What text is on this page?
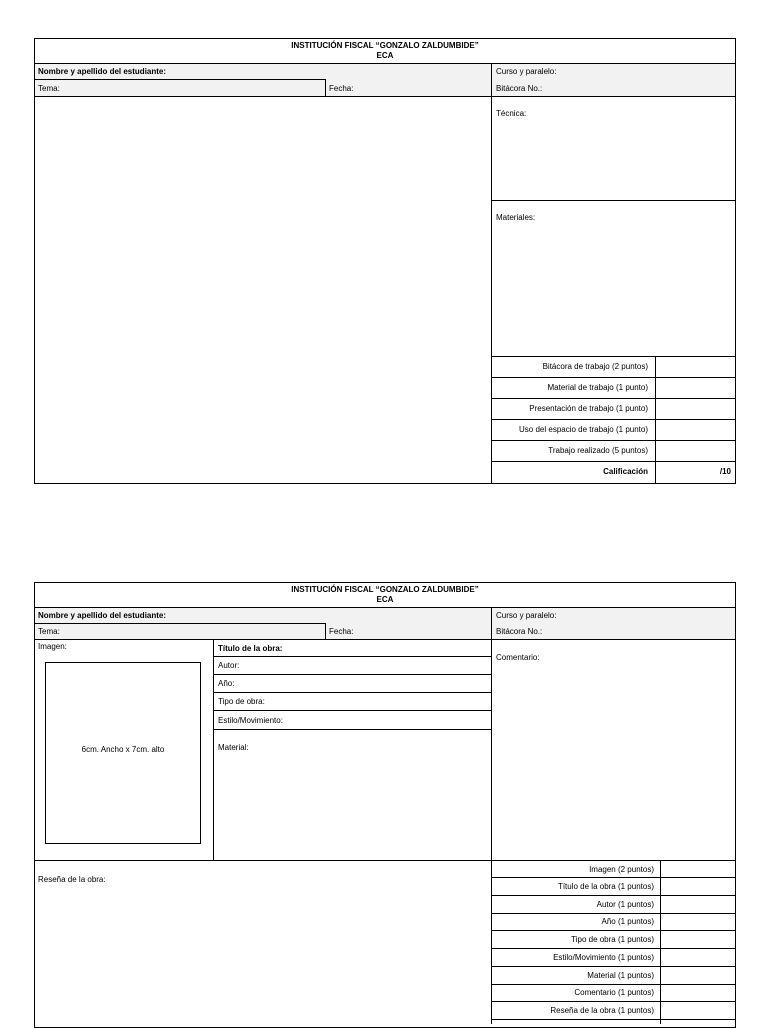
INSTITUCIÓN FISCAL “GONZALO ZALDUMBIDE”
ECA
Nombre y apellido del estudiante:
Tema:	Fecha:
Curso y paralelo:
Bitácora No.:
Técnica:
Materiales:
Bitácora de trabajo (2 puntos)
Material de trabajo (1 punto)
Presentación de trabajo (1 punto)
Uso del espacio de trabajo (1 punto)
Trabajo realizado (5 puntos)
Calificación	/10
INSTITUCIÓN FISCAL “GONZALO ZALDUMBIDE”
ECA
Nombre y apellido del estudiante:
Tema:	Fecha:
Curso y paralelo:
Bitácora No.:
Imagen:
6cm. Ancho x 7cm. alto
Título de la obra:
Autor:
Año:
Tipo de obra:
Estilo/Movimiento:
Material:
Comentario:
Reseña de la obra:
Imagen (2 puntos)
Título de la obra (1 puntos)
Autor (1 puntos)
Año (1 puntos)
Tipo de obra (1 puntos)
Estilo/Movimiento (1 puntos)
Material (1 puntos)
Comentario (1 puntos)
Reseña de la obra (1 puntos)
